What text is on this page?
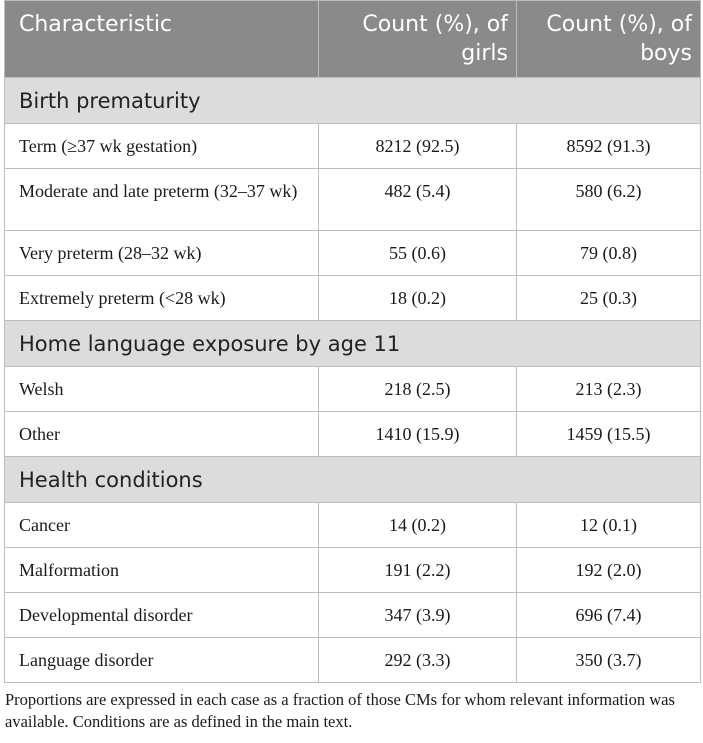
Characteristic	Count (%), of girls	Count (%), of boys
Birth prematurity		
Term (≥37 wk gestation)	8212 (92.5)	8592 (91.3)
Moderate and late preterm (32–37 wk)	482 (5.4)	580 (6.2)
Very preterm (28–32 wk)	55 (0.6)	79 (0.8)
Extremely preterm (<28 wk)	18 (0.2)	25 (0.3)
Home language exposure by age 11		
Welsh	218 (2.5)	213 (2.3)
Other	1410 (15.9)	1459 (15.5)
Health conditions		
Cancer	14 (0.2)	12 (0.1)
Malformation	191 (2.2)	192 (2.0)
Developmental disorder	347 (3.9)	696 (7.4)
Language disorder	292 (3.3)	350 (3.7)
Proportions are expressed in each case as a fraction of those CMs for whom relevant information was available. Conditions are as defined in the main text.
